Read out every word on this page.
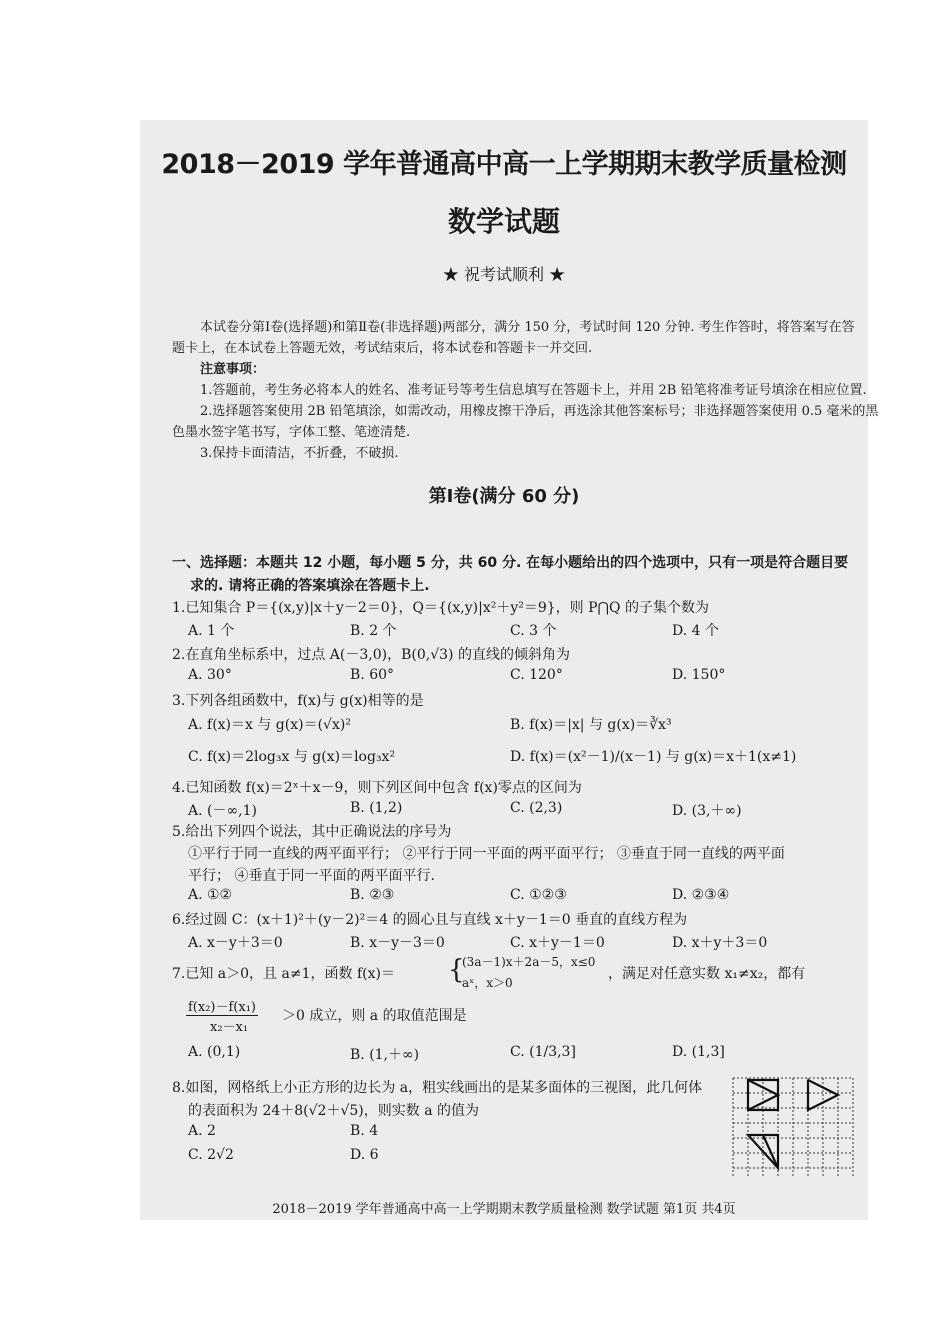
2018－2019 学年普通高中高一上学期期末教学质量检测
数学试题
★ 祝考试顺利 ★
本试卷分第Ⅰ卷(选择题)和第Ⅱ卷(非选择题)两部分，满分 150 分，考试时间 120 分钟. 考生作答时，将答案写在答
题卡上，在本试卷上答题无效，考试结束后，将本试卷和答题卡一并交回.
注意事项：
1.答题前，考生务必将本人的姓名、准考证号等考生信息填写在答题卡上，并用 2B 铅笔将准考证号填涂在相应位置.
2.选择题答案使用 2B 铅笔填涂，如需改动，用橡皮擦干净后，再选涂其他答案标号；非选择题答案使用 0.5 毫米的黑
色墨水签字笔书写，字体工整、笔迹清楚.
3.保持卡面清洁，不折叠，不破损.
第Ⅰ卷(满分 60 分)
一、选择题：本题共 12 小题，每小题 5 分，共 60 分. 在每小题给出的四个选项中，只有一项是符合题目要
求的. 请将正确的答案填涂在答题卡上.
1.已知集合 P＝{(x,y)|x＋y－2＝0}，Q＝{(x,y)|x²＋y²＝9}，则 P⋂Q 的子集个数为
A. 1 个	B. 2 个	C. 3 个	D. 4 个
2.在直角坐标系中，过点 A(－3,0)，B(0,√3) 的直线的倾斜角为
A. 30°	B. 60°	C. 120°	D. 150°
3.下列各组函数中，f(x)与 g(x)相等的是
A. f(x)＝x 与 g(x)＝(√x)²	B. f(x)＝|x| 与 g(x)＝∛x³
C. f(x)＝2log₃x 与 g(x)＝log₃x²	D. f(x)＝(x²－1)/(x－1) 与 g(x)＝x＋1(x≠1)
4.已知函数 f(x)＝2ˣ＋x－9，则下列区间中包含 f(x)零点的区间为
A. (－∞,1)	B. (1,2)	C. (2,3)	D. (3,＋∞)
5.给出下列四个说法，其中正确说法的序号为
①平行于同一直线的两平面平行； ②平行于同一平面的两平面平行； ③垂直于同一直线的两平面
平行； ④垂直于同一平面的两平面平行.
A. ①②	B. ②③	C. ①②③	D. ②③④
6.经过圆 C：(x＋1)²＋(y－2)²＝4 的圆心且与直线 x＋y－1＝0 垂直的直线方程为
A. x－y＋3＝0	B. x－y－3＝0	C. x＋y－1＝0	D. x＋y＋3＝0
7.已知 a＞0，且 a≠1，函数 f(x)＝ {
(3a－1)x＋2a－5，x≤0
aˣ，x＞0
，满足对任意实数 x₁≠x₂，都有
f(x₂)－f(x₁)
x₂－x₁
＞0 成立，则 a 的取值范围是
A. (0,1)	B. (1,＋∞)	C. (1/3,3]	D. (1,3]
8.如图，网格纸上小正方形的边长为 a，粗实线画出的是某多面体的三视图，此几何体
的表面积为 24＋8(√2＋√5)，则实数 a 的值为
A. 2	B. 4
C. 2√2	D. 6
2018－2019 学年普通高中高一上学期期末教学质量检测 数学试题 第1页 共4页
